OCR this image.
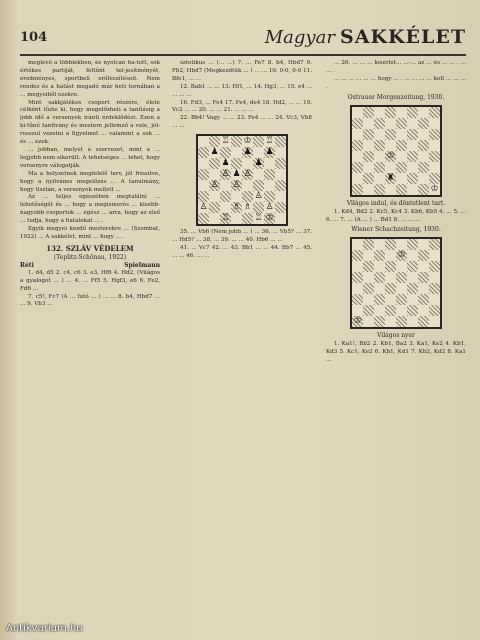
104	Magyar SAKKÉLET

meglevő a többiekben, és nyolcan ha-tott, sok értékes partiját, feltűnt tel-jesítményét, eredményes, sportbeli erőfeszítéseit. Nem rendez és a hatást megadó már heti tornában a ... megyeiből ezekre.

Mint sakkjátékos csoport részére, élete célként tűzte ki, hogy megelőzheti a tanításig a jobb idő a versenyek iránti érdeklődést. Ezen a ki-tűnő tanítvány és mestere jellemző a vele, jól-rosszul vezetni a figyelmet ... valamint a sok ... és ... ezek.

... jobban, melyet a szervezet, mint a ... legjobb nem sikerült. A tehetséges ... lehet, hogy versenyre válogatják.

Ma a helyzetnek megfelelő terv, jól frissítve, hogy a nyilvános megelőzés ... A tanulmány, hogy tisztán, a versenyek mellett ...

Az ... teljes egészében megtalálni ... lehetőségét és ... hogy a megismerés ... kisebb-nagyobb csoportok ... egész ... arra, hogy az első ... tudja, hogy a fiatalokat ... .

Egyik megyei kezdő mesterekre ... (Szombat, 1922) ... A sakkélet, mint ... hogy ... .

132. SZLÁV VÉDELEM

(Teplitz-Schönau, 1922)

Réti	Spielmann

1. d4, d5 2. c4, c6 3. e3, Hf6 4. Hd2, (Világos a gyalogot ... ) ... 4. ... Ff5 5. Hgf3, e6 6. Fe2, Fd6 ...

7. c5!, Fc7 (A ... futó ... ) ... ... 8. b4, Hbd7 ... ... 9. Vb3 ...

sztetikus ... (... ...) 7. ... Fe7 8. b4, Hbd7 9. Fb2, Hbd7 (Megkezdtük ... ) ... ... 10. 0-0, 0-0 11. Bfe1, ... ...

12. Bab1 ... ... 13. Hf1, ... 14. Hg3, ... 15. e4 ... ... ... ...

16. Fd3, ... Fe4 17. Fe4, de4 18. Hd2, ... ... 19. Vc2 ... ... 20. ... ... 21. ... ... ...

22. Bb4! Vagy ... ... 23. Fe4 ... ... 24. Vc3, Vb8 ... ...

♖ ♔ ♖
♟	♟ ♟
♟	♟
♙ ♟ ♙
♙ ♙
♙
♙	♗ ♗ ♙
♖	♖ ♔

35. ... Vb6 (Nem jobb ... ) ... 36. ... Vb5? ... 37. ... Hd5? ... 38. ... 39. ... ... 40. Hb6 ... ...

41. ... Vc7 42. ... 43. Bb1 ... ... 44. Bb7 ... 45. ... ... 46. ... ...

... 26. ... ... ... kísérlet... ...-... az ... és ... ... . ... ... .

... ... ... ... ... ... hogy ... . ... ... ... ... kell ... ... ... .

Ostrauer Morgenzeitung, 1930.

♔
♜
♔

Világos indul, és döntetlent tart.

1. Kd4, Bd2 2. Kc5, Kc4 3. Kb6, Kb5 4. ... 5. ... 6. ... 7. ... (A ... ) ... Bd1 8. ... ... ...

Wiener Schachzeitung, 1930.

♔
♔

Világos nyer

1. Ka1!, Bb2 2. Kb1, Ba2 3. Ka1, Ke2 4. Kb1, Kd3 5. Kc1, Ke2 6. Kb1, Kd1 7. Kb2, Kd2 8. Ka1 ...

Antikvarium.hu
